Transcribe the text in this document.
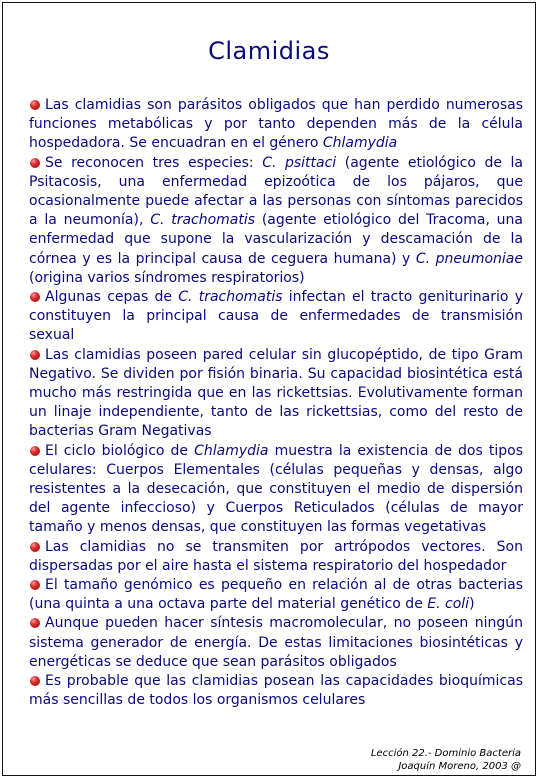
Clamidias

Las clamidias son parásitos obligados que han perdido numerosas funciones metabólicas y por tanto dependen más de la célula hospedadora. Se encuadran en el género Chlamydia

Se reconocen tres especies: C. psittaci (agente etiológico de la Psitacosis, una enfermedad epizoótica de los pájaros, que ocasionalmente puede afectar a las personas con síntomas parecidos a la neumonía), C. trachomatis (agente etiológico del Tracoma, una enfermedad que supone la vascularización y descamación de la córnea y es la principal causa de ceguera humana) y C. pneumoniae (origina varios síndromes respiratorios)

Algunas cepas de C. trachomatis infectan el tracto geniturinario y constituyen la principal causa de enfermedades de transmisión sexual

Las clamidias poseen pared celular sin glucopéptido, de tipo Gram Negativo. Se dividen por fisión binaria. Su capacidad biosintética está mucho más restringida que en las rickettsias. Evolutivamente forman un linaje independiente, tanto de las rickettsias, como del resto de bacterias Gram Negativas

El ciclo biológico de Chlamydia muestra la existencia de dos tipos celulares: Cuerpos Elementales (células pequeñas y densas, algo resistentes a la desecación, que constituyen el medio de dispersión del agente infeccioso) y Cuerpos Reticulados (células de mayor tamaño y menos densas, que constituyen las formas vegetativas

Las clamidias no se transmiten por artrópodos vectores. Son dispersadas por el aire hasta el sistema respiratorio del hospedador

El tamaño genómico es pequeño en relación al de otras bacterias (una quinta a una octava parte del material genético de E. coli)

Aunque pueden hacer síntesis macromolecular, no poseen ningún sistema generador de energía. De estas limitaciones biosintéticas y energéticas se deduce que sean parásitos obligados

Es probable que las clamidias posean las capacidades bioquímicas más sencillas de todos los organismos celulares

Lección 22.- Dominio Bacteria
Joaquín Moreno, 2003 @
